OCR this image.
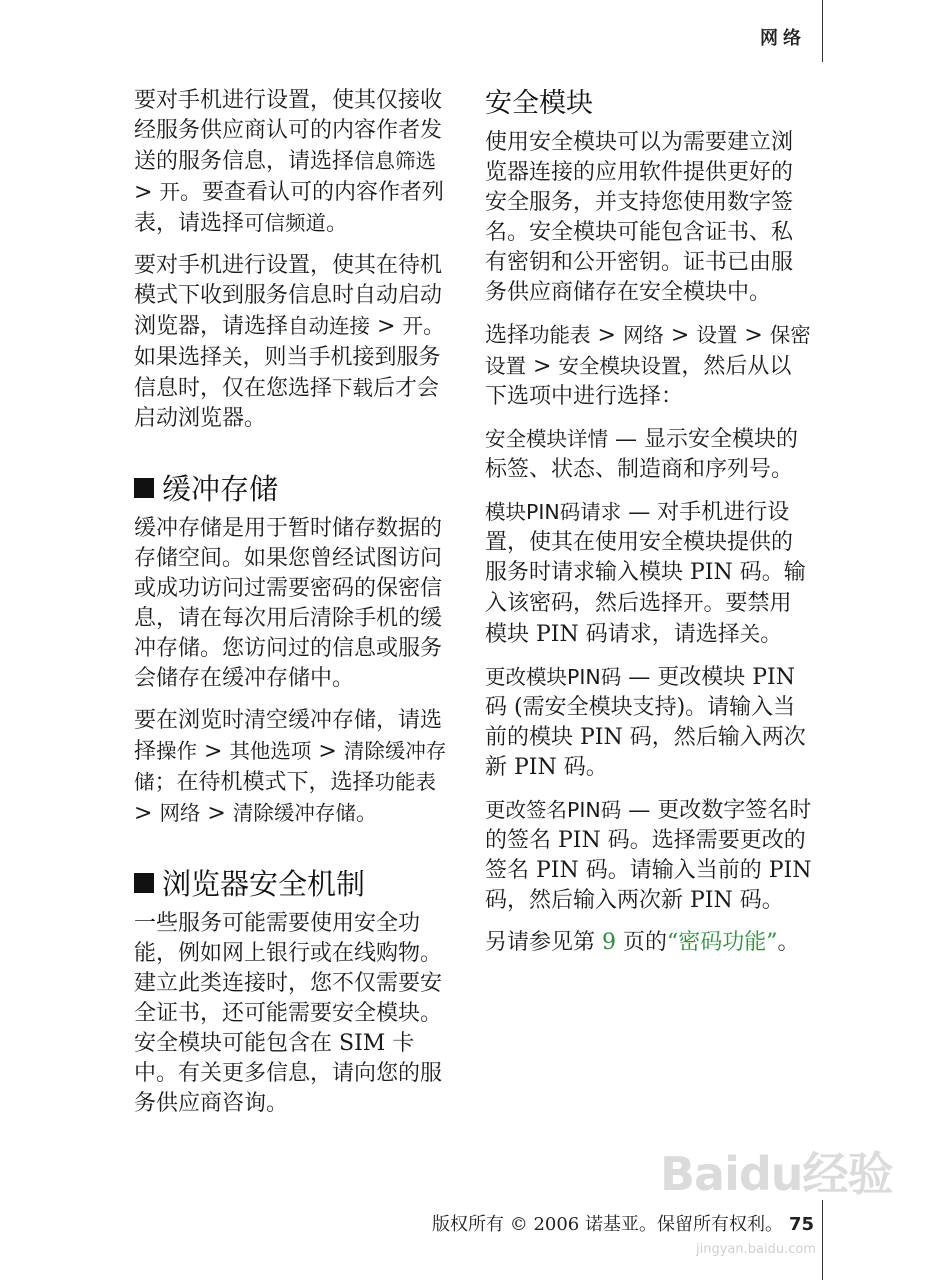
网络

要对手机进行设置，使其仅接收经服务供应商认可的内容作者发送的服务信息，请选择信息筛选 > 开。要查看认可的内容作者列表，请选择可信频道。

要对手机进行设置，使其在待机模式下收到服务信息时自动启动浏览器，请选择自动连接 > 开。如果选择关，则当手机接到服务信息时，仅在您选择下载后才会启动浏览器。

缓冲存储

缓冲存储是用于暂时储存数据的存储空间。如果您曾经试图访问或成功访问过需要密码的保密信息，请在每次用后清除手机的缓冲存储。您访问过的信息或服务会储存在缓冲存储中。

要在浏览时清空缓冲存储，请选择操作 > 其他选项 > 清除缓冲存储；在待机模式下，选择功能表 > 网络 > 清除缓冲存储。

浏览器安全机制

一些服务可能需要使用安全功能，例如网上银行或在线购物。建立此类连接时，您不仅需要安全证书，还可能需要安全模块。安全模块可能包含在 SIM 卡中。有关更多信息，请向您的服务供应商咨询。

安全模块

使用安全模块可以为需要建立浏览器连接的应用软件提供更好的安全服务，并支持您使用数字签名。安全模块可能包含证书、私有密钥和公开密钥。证书已由服务供应商储存在安全模块中。

选择功能表 > 网络 > 设置 > 保密设置 > 安全模块设置，然后从以下选项中进行选择：

安全模块详情 — 显示安全模块的标签、状态、制造商和序列号。

模块PIN码请求 — 对手机进行设置，使其在使用安全模块提供的服务时请求输入模块 PIN 码。输入该密码，然后选择开。要禁用模块 PIN 码请求，请选择关。

更改模块PIN码 — 更改模块 PIN 码 (需安全模块支持)。请输入当前的模块 PIN 码，然后输入两次新 PIN 码。

更改签名PIN码 — 更改数字签名时的签名 PIN 码。选择需要更改的签名 PIN 码。请输入当前的 PIN 码，然后输入两次新 PIN 码。

另请参见第 9 页的“密码功能”。

Baidu经验
jingyan.baidu.com
版权所有 © 2006 诺基亚。保留所有权利。 75
